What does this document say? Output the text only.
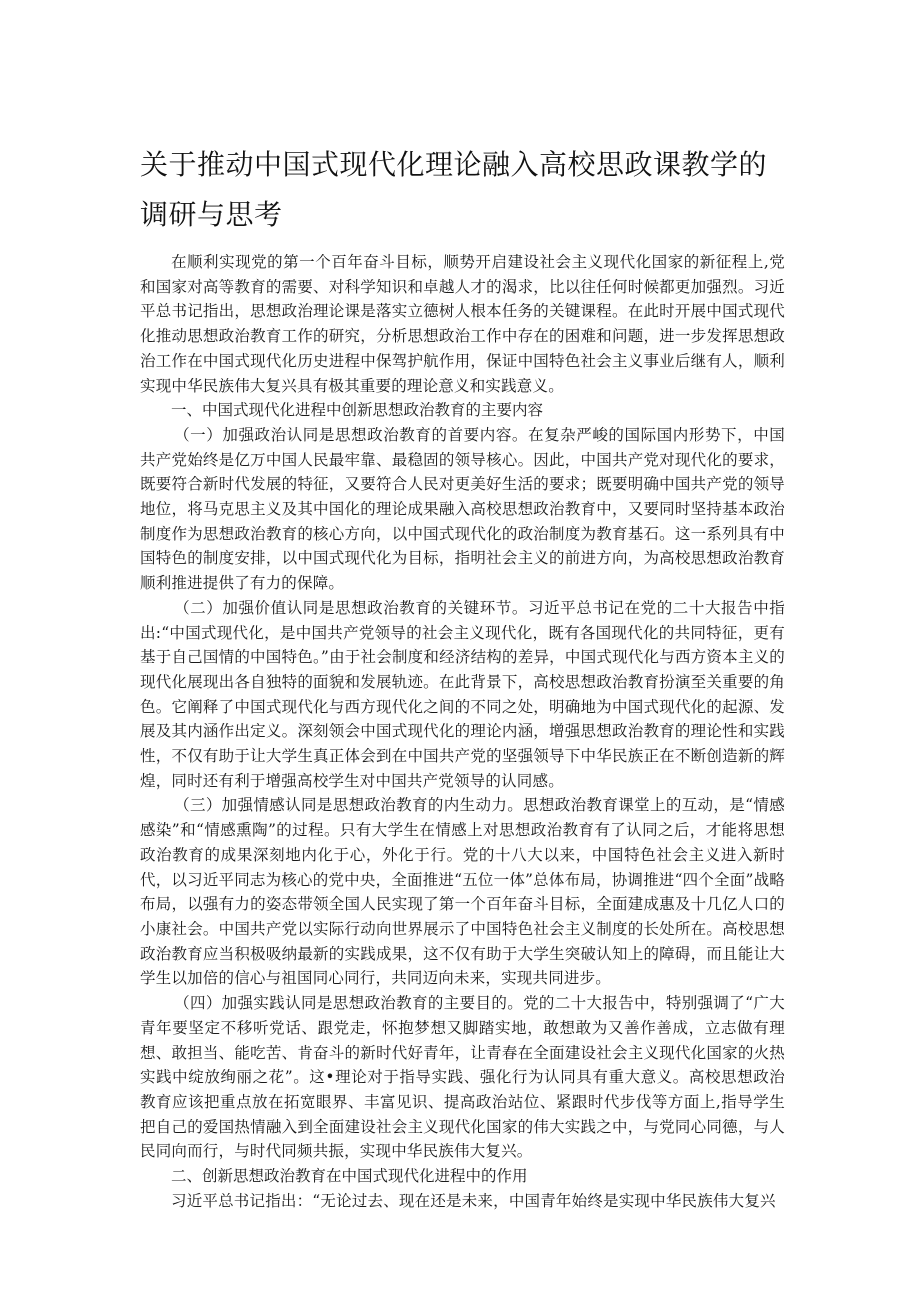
关于推动中国式现代化理论融入高校思政课教学的
调研与思考

在顺利实现党的第一个百年奋斗目标，顺势开启建设社会主义现代化国家的新征程上,党和国家对高等教育的需要、对科学知识和卓越人才的渴求，比以往任何时候都更加强烈。习近平总书记指出，思想政治理论课是落实立德树人根本任务的关键课程。在此时开展中国式现代化推动思想政治教育工作的研究，分析思想政治工作中存在的困难和问题，进一步发挥思想政治工作在中国式现代化历史进程中保驾护航作用，保证中国特色社会主义事业后继有人，顺利实现中华民族伟大复兴具有极其重要的理论意义和实践意义。

一、中国式现代化进程中创新思想政治教育的主要内容

（一）加强政治认同是思想政治教育的首要内容。在复杂严峻的国际国内形势下，中国共产党始终是亿万中国人民最牢靠、最稳固的领导核心。因此，中国共产党对现代化的要求，既要符合新时代发展的特征，又要符合人民对更美好生活的要求；既要明确中国共产党的领导地位，将马克思主义及其中国化的理论成果融入高校思想政治教育中，又要同时坚持基本政治制度作为思想政治教育的核心方向，以中国式现代化的政治制度为教育基石。这一系列具有中国特色的制度安排，以中国式现代化为目标，指明社会主义的前进方向，为高校思想政治教育顺利推进提供了有力的保障。

（二）加强价值认同是思想政治教育的关键环节。习近平总书记在党的二十大报告中指出:“中国式现代化，是中国共产党领导的社会主义现代化，既有各国现代化的共同特征，更有基于自己国情的中国特色。”由于社会制度和经济结构的差异，中国式现代化与西方资本主义的现代化展现出各自独特的面貌和发展轨迹。在此背景下，高校思想政治教育扮演至关重要的角色。它阐释了中国式现代化与西方现代化之间的不同之处，明确地为中国式现代化的起源、发展及其内涵作出定义。深刻领会中国式现代化的理论内涵，增强思想政治教育的理论性和实践性，不仅有助于让大学生真正体会到在中国共产党的坚强领导下中华民族正在不断创造新的辉煌，同时还有利于增强高校学生对中国共产党领导的认同感。

（三）加强情感认同是思想政治教育的内生动力。思想政治教育课堂上的互动，是“情感感染”和“情感熏陶”的过程。只有大学生在情感上对思想政治教育有了认同之后，才能将思想政治教育的成果深刻地内化于心，外化于行。党的十八大以来，中国特色社会主义进入新时代，以习近平同志为核心的党中央，全面推进“五位一体”总体布局，协调推进“四个全面”战略布局，以强有力的姿态带领全国人民实现了第一个百年奋斗目标，全面建成惠及十几亿人口的小康社会。中国共产党以实际行动向世界展示了中国特色社会主义制度的长处所在。高校思想政治教育应当积极吸纳最新的实践成果，这不仅有助于大学生突破认知上的障碍，而且能让大学生以加倍的信心与祖国同心同行，共同迈向未来，实现共同进步。

（四）加强实践认同是思想政治教育的主要目的。党的二十大报告中，特别强调了“广大青年要坚定不移听党话、跟党走，怀抱梦想又脚踏实地，敢想敢为又善作善成，立志做有理想、敢担当、能吃苦、肯奋斗的新时代好青年，让青春在全面建设社会主义现代化国家的火热实践中绽放绚丽之花”。这•理论对于指导实践、强化行为认同具有重大意义。高校思想政治教育应该把重点放在拓宽眼界、丰富见识、提高政治站位、紧跟时代步伐等方面上,指导学生把自己的爱国热情融入到全面建设社会主义现代化国家的伟大实践之中，与党同心同德，与人民同向而行，与时代同频共振，实现中华民族伟大复兴。

二、创新思想政治教育在中国式现代化进程中的作用

习近平总书记指出：“无论过去、现在还是未来，中国青年始终是实现中华民族伟大复兴
